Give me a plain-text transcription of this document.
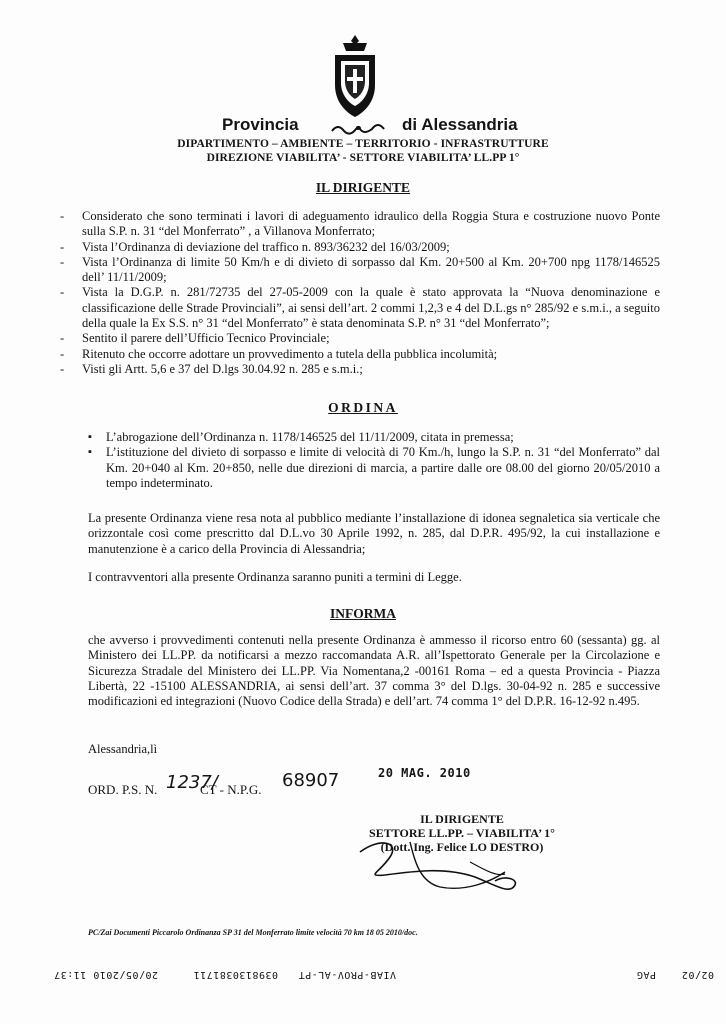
Provincia	di Alessandria
DIPARTIMENTO – AMBIENTE – TERRITORIO - INFRASTRUTTURE
DIREZIONE VIABILITA’ - SETTORE VIABILITA’ LL.PP 1°
IL DIRIGENTE
- Considerato che sono terminati i lavori di adeguamento idraulico della Roggia Stura e costruzione nuovo Ponte sulla S.P. n. 31 “del Monferrato” , a Villanova Monferrato;
- Vista l’Ordinanza di deviazione del traffico n. 893/36232 del 16/03/2009;
- Vista l’Ordinanza di limite 50 Km/h e di divieto di sorpasso dal Km. 20+500 al Km. 20+700 npg 1178/146525 dell’ 11/11/2009;
- Vista la D.G.P. n. 281/72735 del 27-05-2009 con la quale è stato approvata la “Nuova denominazione e classificazione delle Strade Provinciali”, ai sensi dell’art. 2 commi 1,2,3 e 4 del D.L.gs n° 285/92 e s.m.i., a seguito della quale la Ex S.S. n° 31 “del Monferrato” è stata denominata S.P. n° 31 “del Monferrato”;
- Sentito il parere dell’Ufficio Tecnico Provinciale;
- Ritenuto che occorre adottare un provvedimento a tutela della pubblica incolumità;
- Visti gli Artt. 5,6 e 37 del D.lgs 30.04.92 n. 285 e s.m.i.;
ORDINA
▪ L’abrogazione dell’Ordinanza n. 1178/146525 del 11/11/2009, citata in premessa;
▪ L’istituzione del divieto di sorpasso e limite di velocità di 70 Km./h, lungo la S.P. n. 31 “del Monferrato” dal Km. 20+040 al Km. 20+850, nelle due direzioni di marcia, a partire dalle ore 08.00 del giorno 20/05/2010 a tempo indeterminato.
La presente Ordinanza viene resa nota al pubblico mediante l’installazione di idonea segnaletica sia verticale che orizzontale così come prescritto dal D.L.vo 30 Aprile 1992, n. 285, dal D.P.R. 495/92, la cui installazione e manutenzione è a carico della Provincia di Alessandria;
I contravventori alla presente Ordinanza saranno puniti a termini di Legge.
INFORMA
che avverso i provvedimenti contenuti nella presente Ordinanza è ammesso il ricorso entro 60 (sessanta) gg. al Ministero dei LL.PP. da notificarsi a mezzo raccomandata A.R. all’Ispettorato Generale per la Circolazione e Sicurezza Stradale del Ministero dei LL.PP. Via Nomentana,2 -00161 Roma – ed a questa Provincia - Piazza Libertà, 22 -15100 ALESSANDRIA, ai sensi dell’art. 37 comma 3° del D.lgs. 30-04-92 n. 285 e successive modificazioni ed integrazioni (Nuovo Codice della Strada) e dell’art. 74 comma 1° del D.P.R. 16-12-92 n.495.
Alessandria,lì
ORD. P.S. N. 1237/
CT - N.P.G. 68907	20 MAG. 2010
IL DIRIGENTE
SETTORE LL.PP. – VIABILITA’ 1°
(Dott. Ing. Felice LO DESTRO)
PC/Zai Documenti Piccarolo Ordinanza SP 31 del Monferrato limite velocità 70 km 18 05 2010/doc.
02/02
PAG
VIAB-PROV-AL-PT
0398130381711
20/05/2010 11:37
